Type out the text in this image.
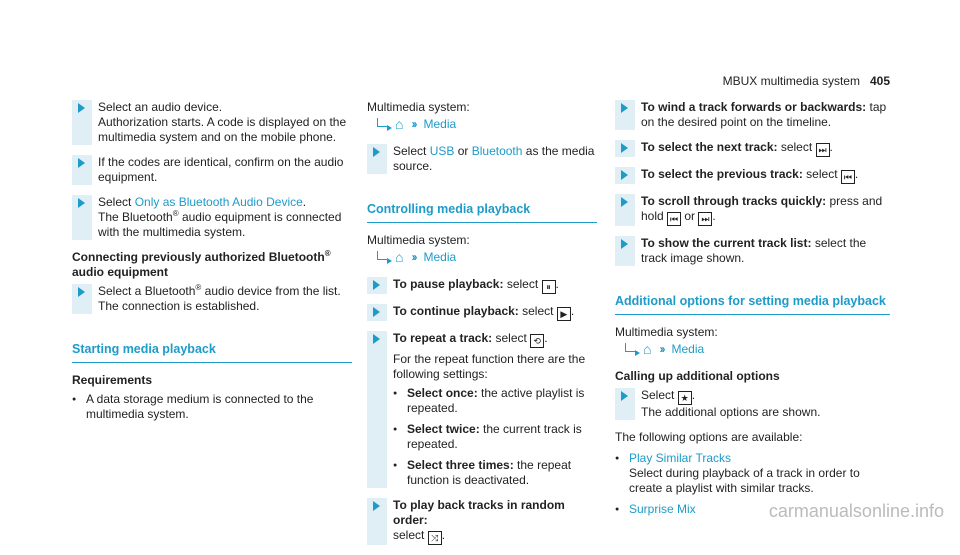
MBUX multimedia system 405

Select an audio device.

Authorization starts. A code is displayed on the multimedia system and on the mobile phone.

If the codes are identical, confirm on the audio equipment.

Select Only as Bluetooth Audio Device.

The Bluetooth® audio equipment is connected with the multimedia system.

Connecting previously authorized Bluetooth®
audio equipment

Select a Bluetooth® audio device from the list.

The connection is established.

Starting media playback
Requirements
● A data storage medium is connected to the multimedia system.
Multimedia system:
⌂ ›› Media

Select USB or Bluetooth as the media source.

Controlling media playback
Multimedia system:
⌂ ›› Media

To pause playback: select ⏸ .

To continue playback: select ▶ .

To repeat a track: select ⟲ .

For the repeat function there are the following settings:

● Select once: the active playlist is repeated.
● Select twice: the current track is repeated.
● Select three times: the repeat function is deactivated.

To play back tracks in random order:

select ⤨ .

To wind a track forwards or backwards: tap on the desired point on the timeline.

To select the next track: select ⏭ .

To select the previous track: select ⏮ .

To scroll through tracks quickly: press and hold ⏮ or ⏭ .

To show the current track list: select the track image shown.

Additional options for setting media playback
Multimedia system:
⌂ ›› Media
Calling up additional options

Select ★ .

The additional options are shown.

The following options are available:

● Play Similar Tracks
Select during playback of a track in order to create a playlist with similar tracks.
● Surprise Mix	carmanualsonline.info
